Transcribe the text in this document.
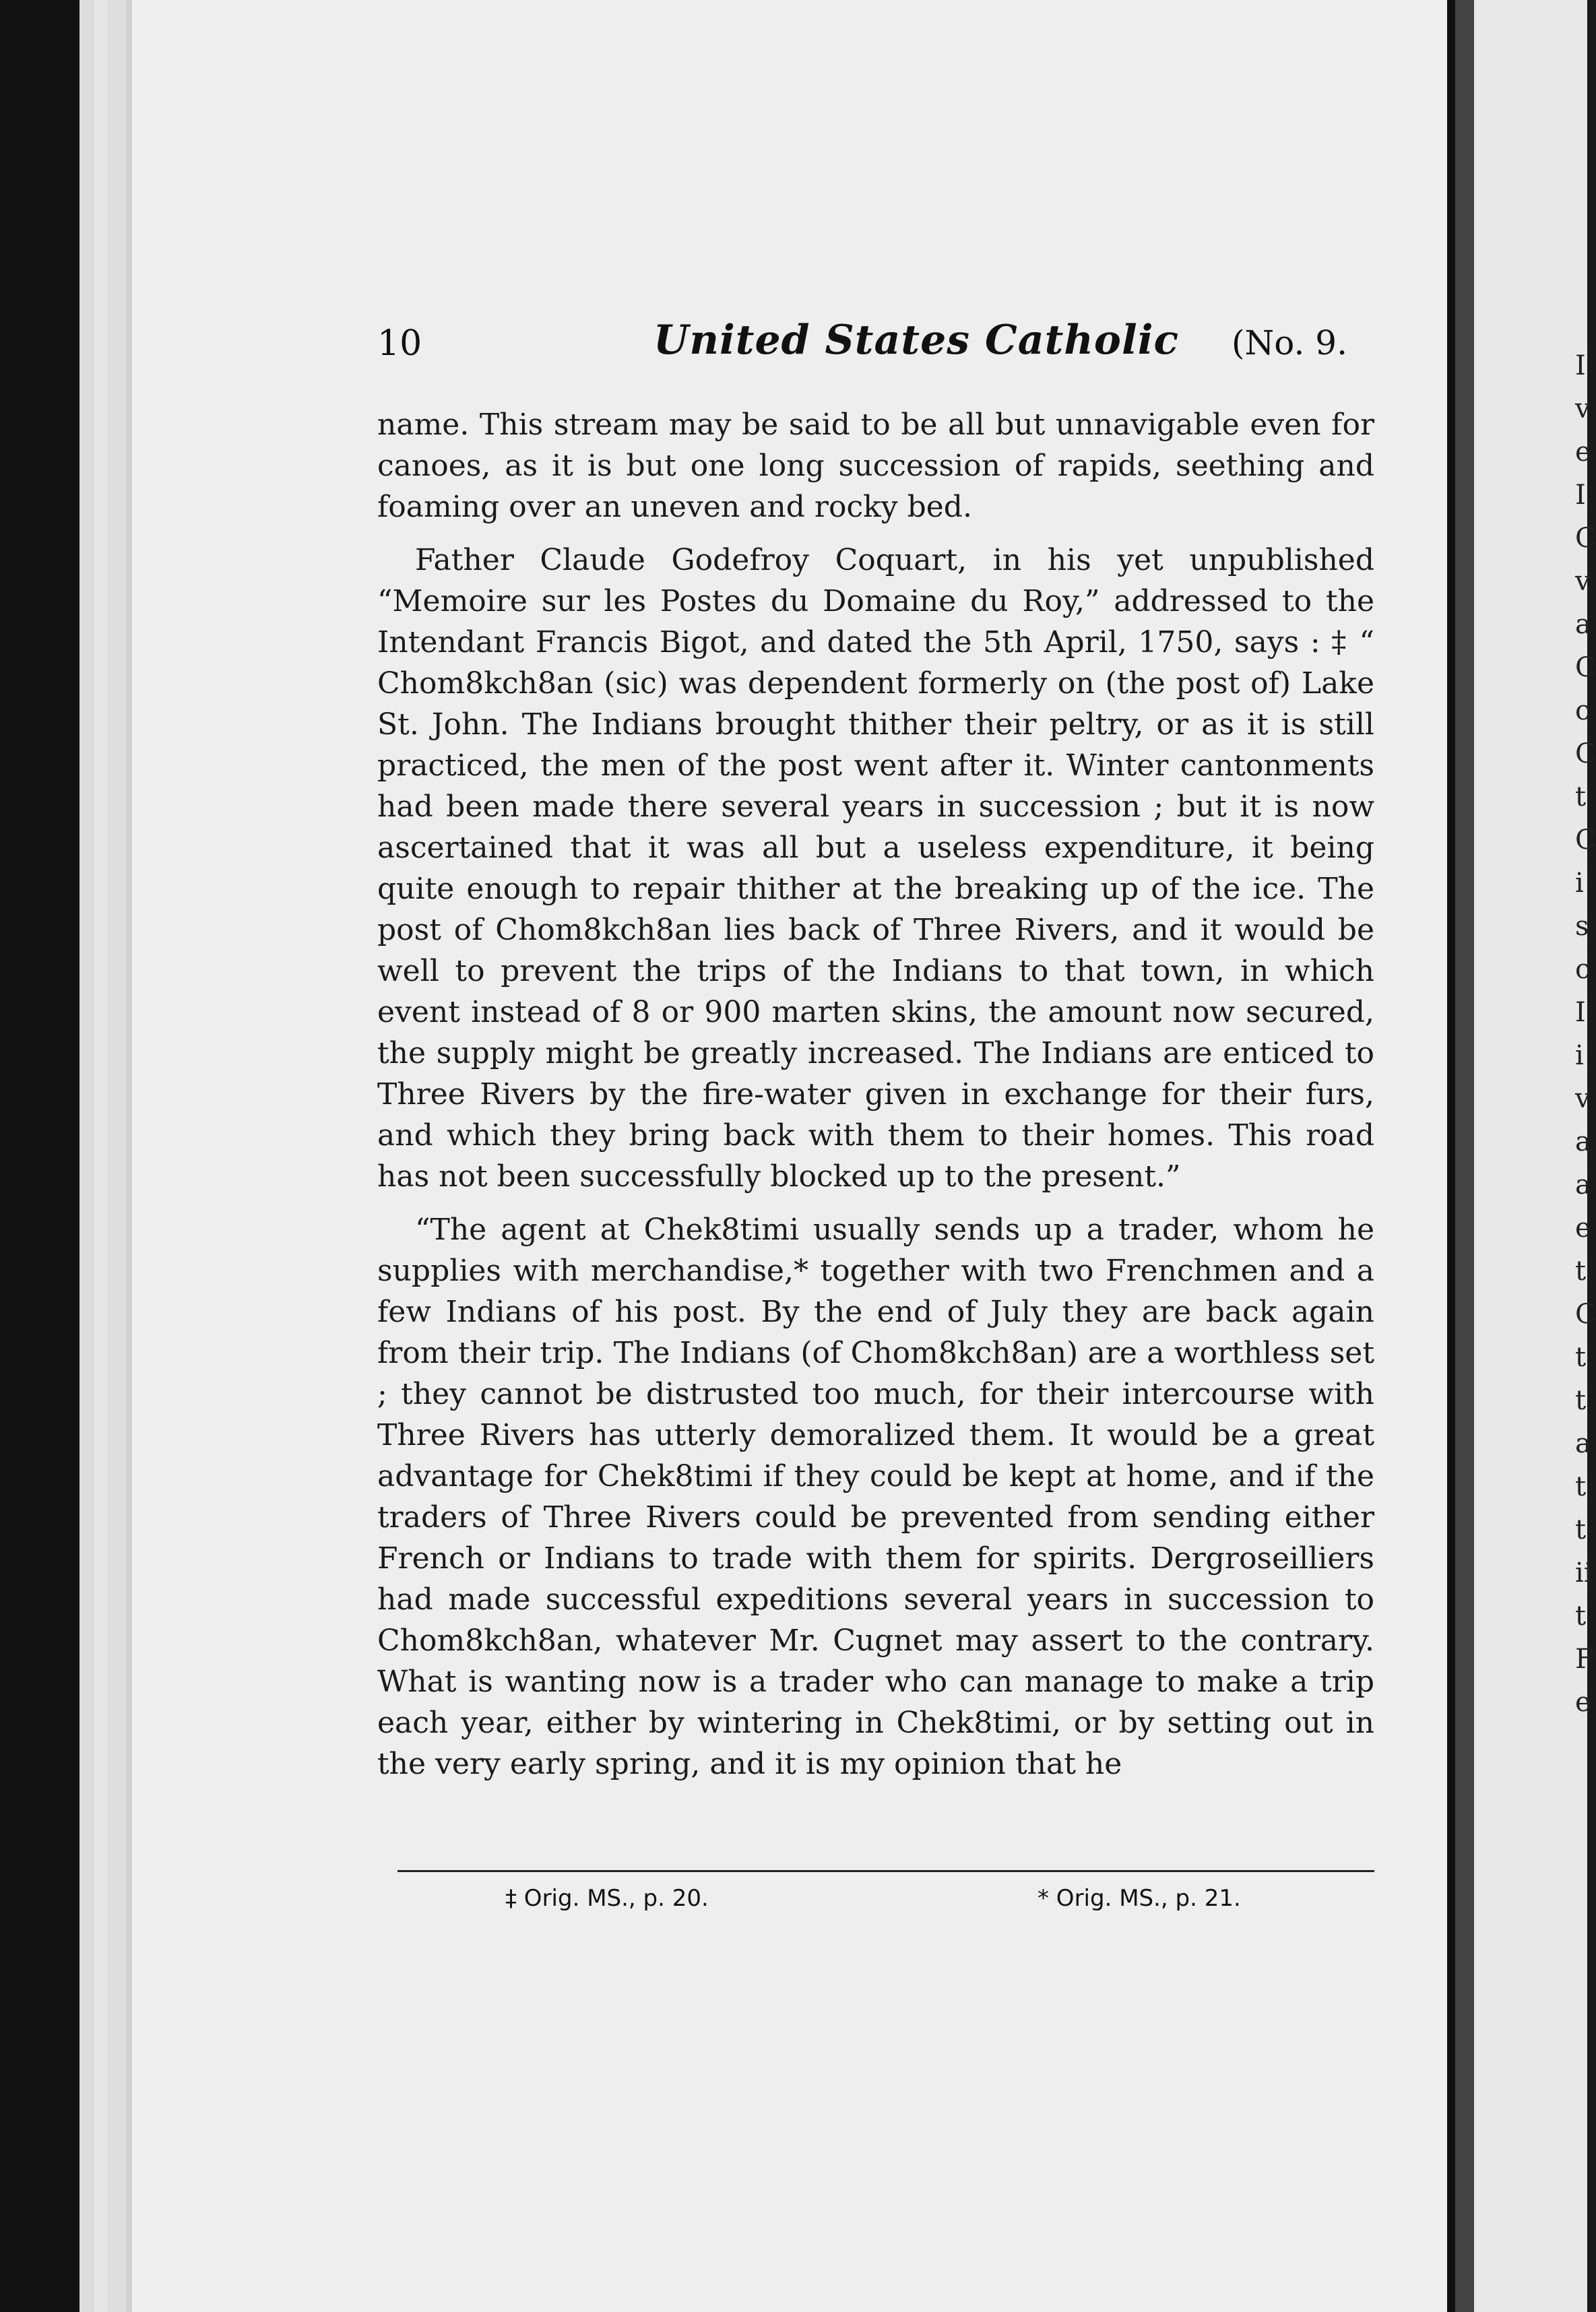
10	United States Catholic (No. 9.

name. This stream may be said to be all but unnavigable even for canoes, as it is but one long succession of rapids, seething and foaming over an uneven and rocky bed.

Father Claude Godefroy Coquart, in his yet unpublished “Memoire sur les Postes du Domaine du Roy,” addressed to the Intendant Francis Bigot, and dated the 5th April, 1750, says : ‡ “ Chom8kch8an (sic) was dependent formerly on (the post of) Lake St. John. The Indians brought thither their peltry, or as it is still practiced, the men of the post went after it. Winter cantonments had been made there several years in succession ; but it is now ascertained that it was all but a useless expenditure, it being quite enough to repair thither at the breaking up of the ice. The post of Chom8kch8an lies back of Three Rivers, and it would be well to prevent the trips of the Indians to that town, in which event instead of 8 or 900 marten skins, the amount now secured, the supply might be greatly increased. The Indians are enticed to Three Rivers by the fire-water given in exchange for their furs, and which they bring back with them to their homes. This road has not been successfully blocked up to the present.”

“The agent at Chek8timi usually sends up a trader, whom he supplies with merchandise,* together with two Frenchmen and a few Indians of his post. By the end of July they are back again from their trip. The Indians (of Chom8kch8an) are a worthless set ; they cannot be distrusted too much, for their intercourse with Three Rivers has utterly demoralized them. It would be a great advantage for Chek8timi if they could be kept at home, and if the traders of Three Rivers could be prevented from sending either French or Indians to trade with them for spirits. Dergroseilliers had made successful expeditions several years in succession to Chom8kch8an, whatever Mr. Cugnet may assert to the contrary. What is wanting now is a trader who can manage to make a trip each year, either by wintering in Chek8timi, or by setting out in the very early spring, and it is my opinion that he

‡ Orig. MS., p. 20.	* Orig. MS., p. 21.
I
v
e
I
C
v
a
C
c
C
t
C
i
s
c
I
i
v
a
a
e
t
C
t
t
a
t
t
ii
t
F
e
